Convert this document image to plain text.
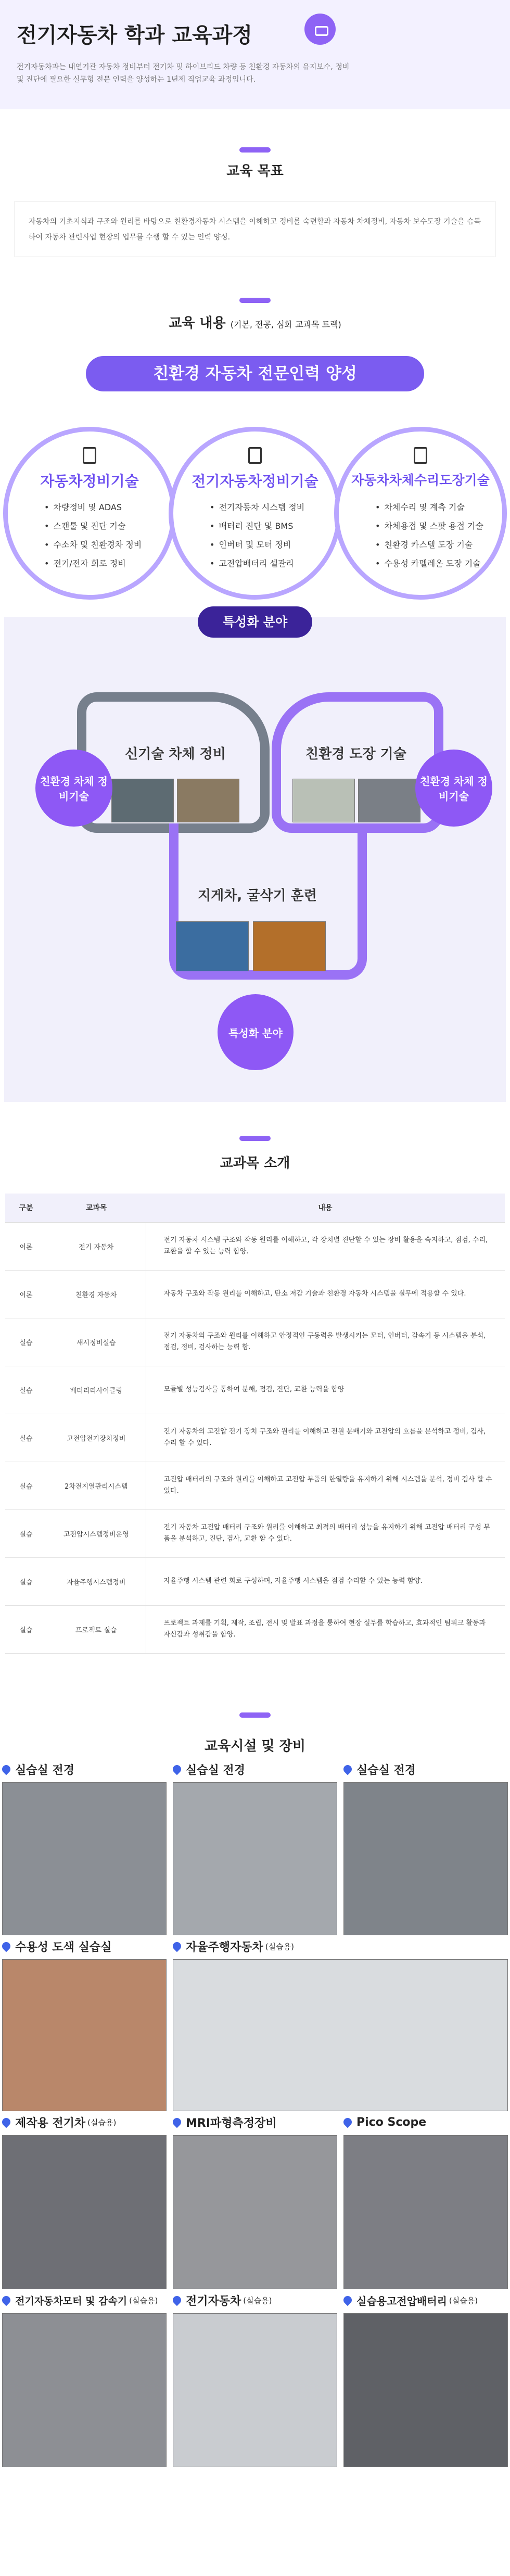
전기자동차 학과 교육과정

전기자동차과는 내연기관 자동차 정비부터 전기차 및 하이브리드 차량 등 친환경 자동차의 유지보수, 정비 및 진단에 필요한 실무형 전문 인력을 양성하는 1년제 직업교육 과정입니다.

교육 목표
자동차의 기초지식과 구조와 원리를 바탕으로 친환경자동차 시스템을 이해하고 정비를 숙련할과 자동차 차체정비, 자동차 보수도장 기술을 습득하여 자동차 관련사업 현장의 업무를 수행 할 수 있는 인력 양성.
교육 내용 (기본, 전공, 심화 교과목 트랙)
친환경 자동차 전문인력 양성
자동차정비기술
• 차량정비 및 ADAS
• 스캔툴 및 진단 기술
• 수소차 및 친환경차 정비
• 전기/전자 회로 정비
전기자동차정비기술
• 전기자동차 시스템 정비
• 배터리 진단 및 BMS
• 인버터 및 모터 정비
• 고전압배터리 셀관리
자동차차체수리도장기술
• 차체수리 및 계측 기술
• 차체용접 및 스팟 용접 기술
• 친환경 카스텔 도장 기술
• 수용성 카멜레온 도장 기술
특성화 분야
신기술 차체 정비	친환경 도장 기술
지게차, 굴삭기 훈련
친환경 차체 정비기술
친환경 차체 정비기술
특성화 분야
교과목 소개
구분	교과목	내용
이론	전기 자동차	전기 자동차 시스템 구조와 작동 원리를 이해하고, 각 장치별 진단할 수 있는 장비 활용을 숙지하고, 점검, 수리, 교환을 할 수 있는 능력 함양.
이론	친환경 자동차	자동차 구조와 작동 원리를 이해하고, 탄소 저감 기술과 친환경 자동차 시스템을 실무에 적용할 수 있다.
실습	섀시정비실습	전기 자동차의 구조와 원리를 이해하고 안정적인 구동력을 발생시키는 모터, 인버터, 감속기 등 시스템을 분석, 점검, 정비, 검사하는 능력 함.
실습	배터리리사이클링	모듈별 성능검사를 통하여 분해, 점검, 진단, 교환 능력을 함양
실습	고전압전기장치정비	전기 자동차의 고전압 전기 장치 구조와 원리를 이해하고 전원 분배기와 고전압의 흐름을 분석하고 정비, 검사, 수리 할 수 있다.
실습	2차전지열관리시스템	고전압 배터리의 구조와 원리를 이해하고 고전압 부품의 한열량을 유지하기 위해 시스템을 분석, 정비 검사 할 수 있다.
실습	고전압시스템정비운영	전기 자동차 고전압 배터리 구조와 원리를 이해하고 최적의 배터리 성능을 유지하기 위해 고전압 배터리 구성 부품을 분석하고, 진단, 검사, 교환 할 수 있다.
실습	자율주행시스템정비	자율주행 시스템 관련 회로 구성하며, 자율주행 시스템을 점검 수리할 수 있는 능력 함양.
실습	프로젝트 실습	프로젝트 과제를 기획, 제작, 조립, 전시 및 발표 과정을 통하여 현장 실무를 학습하고, 효과적인 팀워크 활동과 자신감과 성취감을 함양.
교육시설 및 장비
실습실 전경	실습실 전경	실습실 전경
수용성 도색 실습실	자율주행자동차 (실습용)
제작용 전기차 (실습용)	MRI파형측정장비	Pico Scope
전기자동차모터 및 감속기 (실습용) 전기자동차 (실습용)	실습용고전압배터리 (실습용)
